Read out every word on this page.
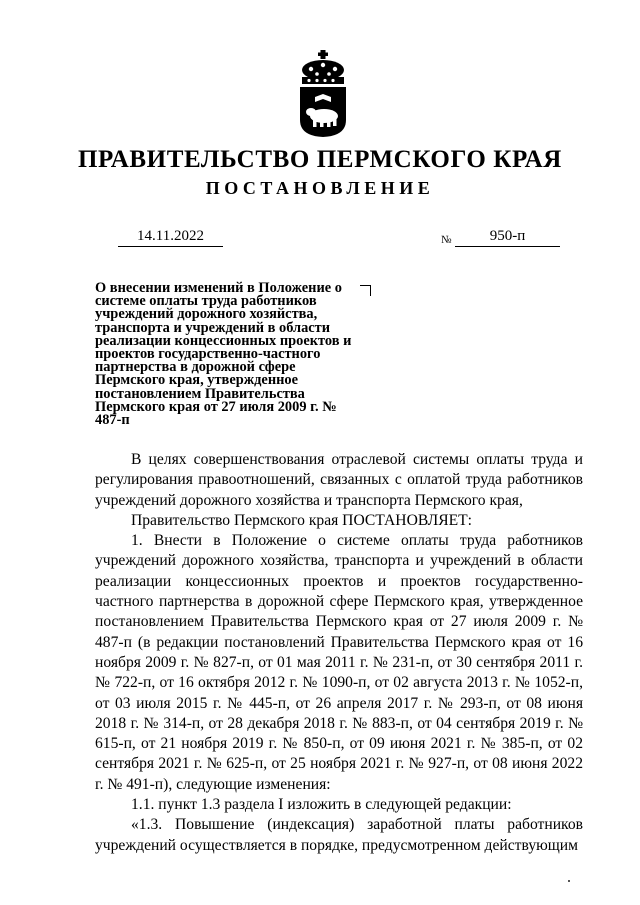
ПРАВИТЕЛЬСТВО ПЕРМСКОГО КРАЯ
ПОСТАНОВЛЕНИЕ
14.11.2022	№	950-п
О внесении изменений в Положение о системе оплаты труда работников учреждений дорожного хозяйства, транспорта и учреждений в области реализации концессионных проектов и проектов государственно-частного партнерства в дорожной сфере Пермского края, утвержденное постановлением Правительства Пермского края от 27 июля 2009 г. № 487-п

В целях совершенствования отраслевой системы оплаты труда и регулирования правоотношений, связанных с оплатой труда работников учреждений дорожного хозяйства и транспорта Пермского края,

Правительство Пермского края ПОСТАНОВЛЯЕТ:

1. Внести в Положение о системе оплаты труда работников учреждений дорожного хозяйства, транспорта и учреждений в области реализации концессионных проектов и проектов государственно-частного партнерства в дорожной сфере Пермского края, утвержденное постановлением Правительства Пермского края от 27 июля 2009 г. № 487-п (в редакции постановлений Правительства Пермского края от 16 ноября 2009 г. № 827-п, от 01 мая 2011 г. № 231-п, от 30 сентября 2011 г. № 722-п, от 16 октября 2012 г. № 1090-п, от 02 августа 2013 г. № 1052-п, от 03 июля 2015 г. № 445-п, от 26 апреля 2017 г. № 293-п, от 08 июня 2018 г. № 314-п, от 28 декабря 2018 г. № 883-п, от 04 сентября 2019 г. № 615-п, от 21 ноября 2019 г. № 850-п, от 09 июня 2021 г. № 385-п, от 02 сентября 2021 г. № 625-п, от 25 ноября 2021 г. № 927-п, от 08 июня 2022 г. № 491-п), следующие изменения:

1.1. пункт 1.3 раздела I изложить в следующей редакции:

«1.3. Повышение (индексация) заработной платы работников учреждений осуществляется в порядке, предусмотренном действующим
